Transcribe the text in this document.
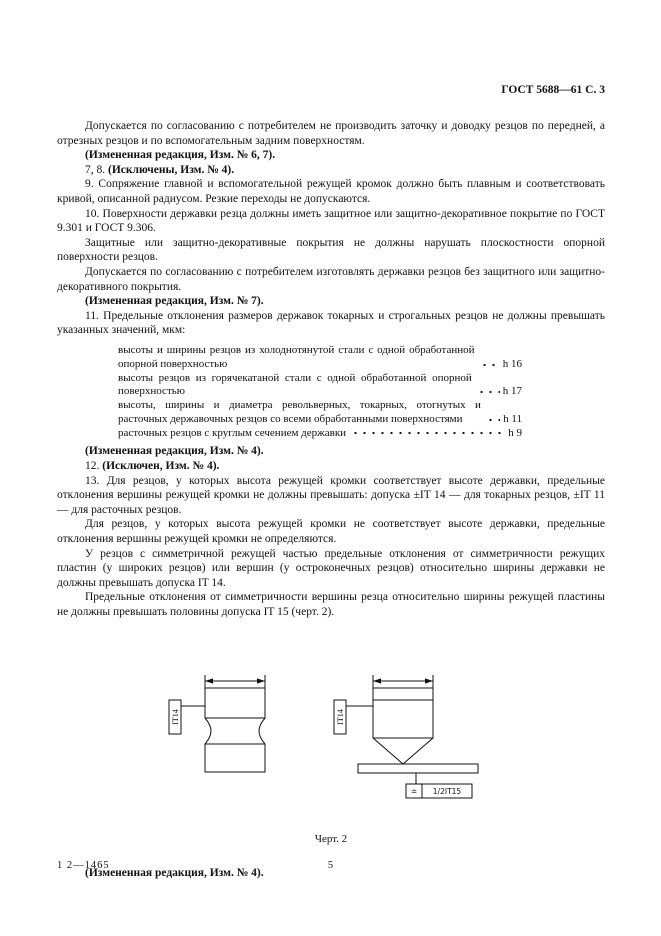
ГОСТ 5688—61 С. 3

Допускается по согласованию с потребителем не производить заточку и доводку резцов по передней, а отрезных резцов и по вспомогательным задним поверхностям.

(Измененная редакция, Изм. № 6, 7).

7, 8. (Исключены, Изм. № 4).

9. Сопряжение главной и вспомогательной режущей кромок должно быть плавным и соответствовать кривой, описанной радиусом. Резкие переходы не допускаются.

10. Поверхности державки резца должны иметь защитное или защитно-декоративное покрытие по ГОСТ 9.301 и ГОСТ 9.306.

Защитные или защитно-декоративные покрытия не должны нарушать плоскостности опорной поверхности резцов.

Допускается по согласованию с потребителем изготовлять державки резцов без защитного или защитно-декоративного покрытия.

(Измененная редакция, Изм. № 7).

11. Предельные отклонения размеров державок токарных и строгальных резцов не должны превышать указанных значений, мкм:

высоты и ширины резцов из холоднотянутой стали с одной обработанной опорной поверхностью	h 16
высоты резцов из горячекатаной стали с одной обработанной опорной поверхностью	h 17
высоты, ширины и диаметра револьверных, токарных, отогнутых и расточных державочных резцов со всеми обработанными поверхностями	h 11
расточных резцов с круглым сечением державки	h 9

(Измененная редакция, Изм. № 4).

12. (Исключен, Изм. № 4).

13. Для резцов, у которых высота режущей кромки соответствует высоте державки, предельные отклонения вершины режущей кромки не должны превышать: допуска ±IT 14 — для токарных резцов, ±IT 11 — для расточных резцов.

Для резцов, у которых высота режущей кромки не соответствует высоте державки, предельные отклонения вершины режущей кромки не определяются.

У резцов с симметричной режущей частью предельные отклонения от симметричности режущих пластин (у широких резцов) или вершин (у остроконечных резцов) относительно ширины державки не должны превышать допуска IT 14.

Предельные отклонения от симметричности вершины резца относительно ширины режущей пластины не должны превышать половины допуска IT 15 (черт. 2).

IT14	IT14
≐ 1/2IT15

Черт. 2

(Измененная редакция, Изм. № 4).

1 2—1465	5
